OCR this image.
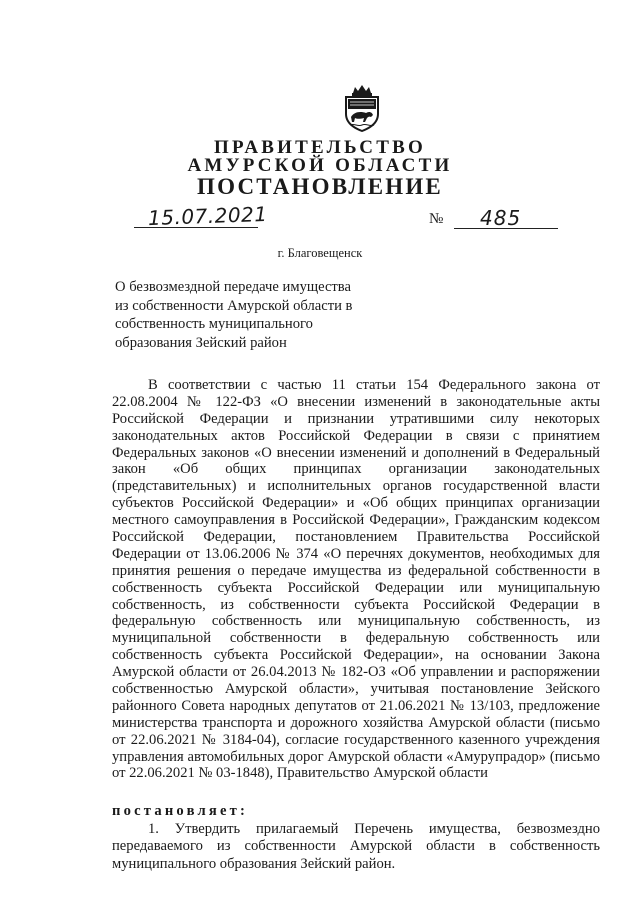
ПРАВИТЕЛЬСТВО
АМУРСКОЙ ОБЛАСТИ
ПОСТАНОВЛЕНИЕ
15.07.2021	№ 485
г. Благовещенск
О безвозмездной передаче имущества
из собственности Амурской области в
собственность муниципального
образования Зейский район
В соответствии с частью 11 статьи 154 Федерального закона от
22.08.2004 № 122-ФЗ «О внесении изменений в законодательные акты
Российской Федерации и признании утратившими силу некоторых
законодательных актов Российской Федерации в связи с принятием
Федеральных законов «О внесении изменений и дополнений в Федеральный
закон «Об общих принципах организации законодательных
(представительных) и исполнительных органов государственной власти
субъектов Российской Федерации» и «Об общих принципах организации
местного самоуправления в Российской Федерации», Гражданским кодексом
Российской Федерации, постановлением Правительства Российской
Федерации от 13.06.2006 № 374 «О перечнях документов, необходимых для
принятия решения о передаче имущества из федеральной собственности в
собственность субъекта Российской Федерации или муниципальную
собственность, из собственности субъекта Российской Федерации в
федеральную собственность или муниципальную собственность, из
муниципальной собственности в федеральную собственность или
собственность субъекта Российской Федерации», на основании Закона
Амурской области от 26.04.2013 № 182-ОЗ «Об управлении и распоряжении
собственностью Амурской области», учитывая постановление Зейского
районного Совета народных депутатов от 21.06.2021 № 13/103, предложение
министерства транспорта и дорожного хозяйства Амурской области (письмо
от 22.06.2021 № 3184-04), согласие государственного казенного учреждения
управления автомобильных дорог Амурской области «Амурупрадор» (письмо
от 22.06.2021 № 03-1848), Правительство Амурской области
постановляет:
1. Утвердить прилагаемый Перечень имущества, безвозмездно
передаваемого из собственности Амурской области в собственность
муниципального образования Зейский район.
